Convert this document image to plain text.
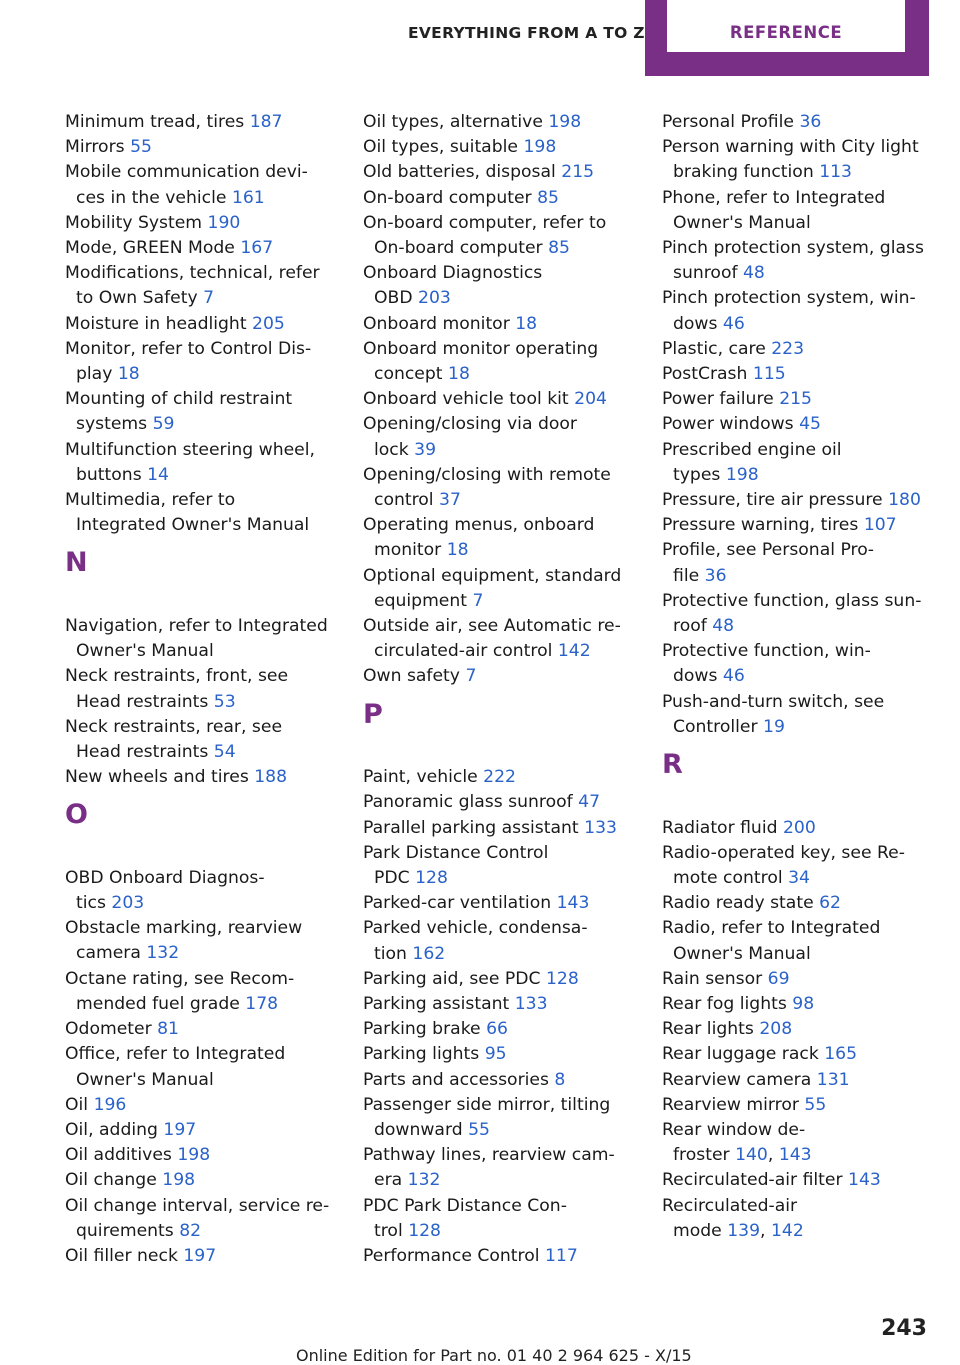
EVERYTHING FROM A TO Z	REFERENCE
Minimum tread, tires 187
Mirrors 55
Mobile communication devi‐
ces in the vehicle 161
Mobility System 190
Mode, GREEN Mode 167
Modifications, technical, refer
to Own Safety 7
Moisture in headlight 205
Monitor, refer to Control Dis‐
play 18
Mounting of child restraint
systems 59
Multifunction steering wheel,
buttons 14
Multimedia, refer to
Integrated Owner's Manual
N
Navigation, refer to Integrated
Owner's Manual
Neck restraints, front, see
Head restraints 53
Neck restraints, rear, see
Head restraints 54
New wheels and tires 188
O
OBD Onboard Diagnos‐
tics 203
Obstacle marking, rearview
camera 132
Octane rating, see Recom‐
mended fuel grade 178
Odometer 81
Office, refer to Integrated
Owner's Manual
Oil 196
Oil, adding 197
Oil additives 198
Oil change 198
Oil change interval, service re‐
quirements 82
Oil filler neck 197
Oil types, alternative 198
Oil types, suitable 198
Old batteries, disposal 215
On-board computer 85
On-board computer, refer to
On-board computer 85
Onboard Diagnostics
OBD 203
Onboard monitor 18
Onboard monitor operating
concept 18
Onboard vehicle tool kit 204
Opening/closing via door
lock 39
Opening/closing with remote
control 37
Operating menus, onboard
monitor 18
Optional equipment, standard
equipment 7
Outside air, see Automatic re‐
circulated-air control 142
Own safety 7
P
Paint, vehicle 222
Panoramic glass sunroof 47
Parallel parking assistant 133
Park Distance Control
PDC 128
Parked-car ventilation 143
Parked vehicle, condensa‐
tion 162
Parking aid, see PDC 128
Parking assistant 133
Parking brake 66
Parking lights 95
Parts and accessories 8
Passenger side mirror, tilting
downward 55
Pathway lines, rearview cam‐
era 132
PDC Park Distance Con‐
trol 128
Performance Control 117
Personal Profile 36
Person warning with City light
braking function 113
Phone, refer to Integrated
Owner's Manual
Pinch protection system, glass
sunroof 48
Pinch protection system, win‐
dows 46
Plastic, care 223
PostCrash 115
Power failure 215
Power windows 45
Prescribed engine oil
types 198
Pressure, tire air pressure 180
Pressure warning, tires 107
Profile, see Personal Pro‐
file 36
Protective function, glass sun‐
roof 48
Protective function, win‐
dows 46
Push-and-turn switch, see
Controller 19
R
Radiator fluid 200
Radio-operated key, see Re‐
mote control 34
Radio ready state 62
Radio, refer to Integrated
Owner's Manual
Rain sensor 69
Rear fog lights 98
Rear lights 208
Rear luggage rack 165
Rearview camera 131
Rearview mirror 55
Rear window de‐
froster 140, 143
Recirculated-air filter 143
Recirculated-air
mode 139, 142
243
Online Edition for Part no. 01 40 2 964 625 - X/15
